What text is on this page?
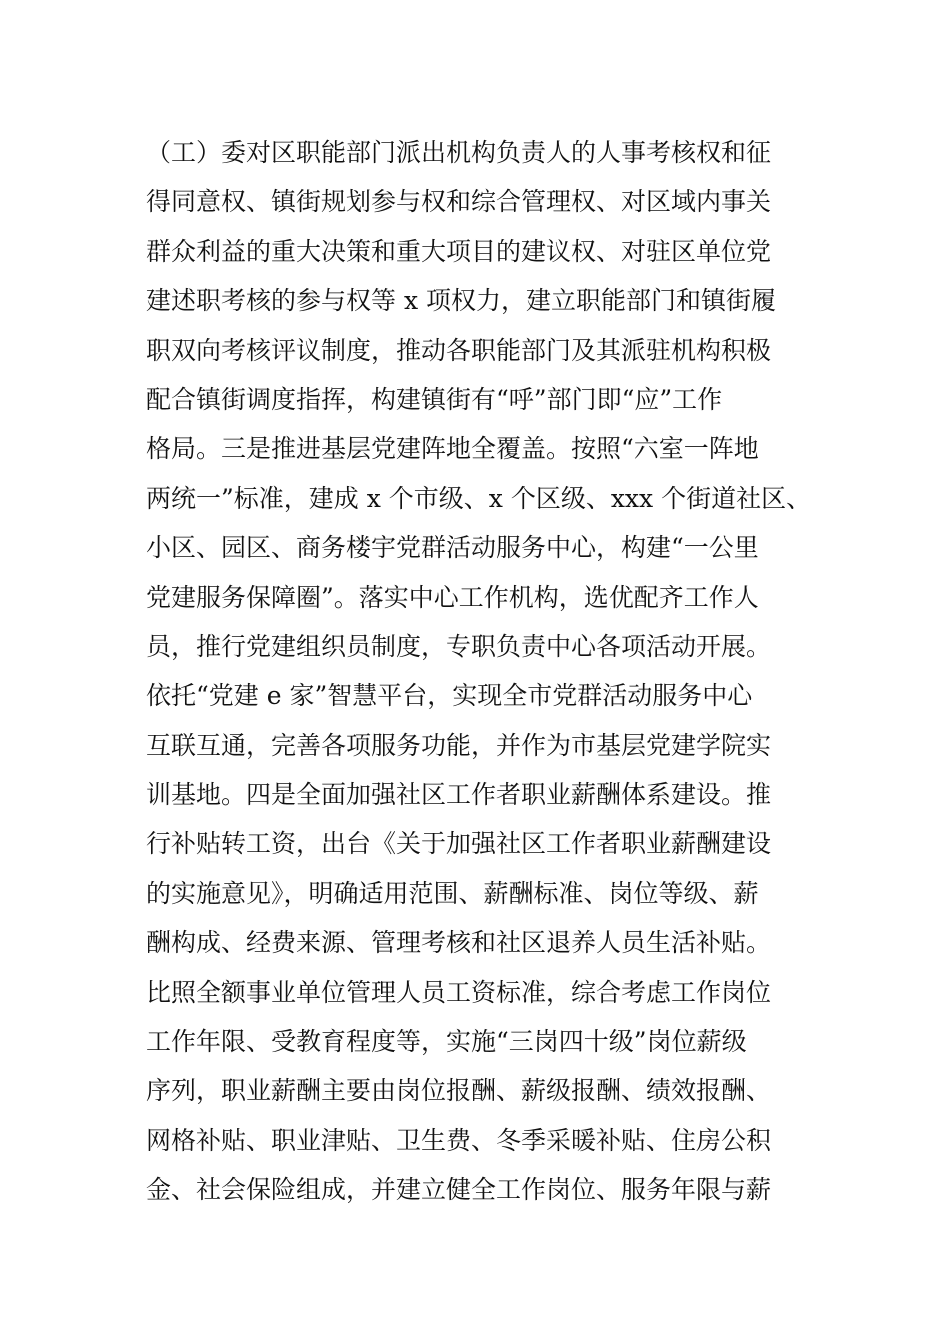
（工）委对区职能部门派出机构负责人的人事考核权和征
得同意权、镇街规划参与权和综合管理权、对区域内事关
群众利益的重大决策和重大项目的建议权、对驻区单位党
建述职考核的参与权等 x 项权力，建立职能部门和镇街履
职双向考核评议制度，推动各职能部门及其派驻机构积极
配合镇街调度指挥，构建镇街有“呼”部门即“应”工作
格局。三是推进基层党建阵地全覆盖。按照“六室一阵地
两统一”标准，建成 x 个市级、x 个区级、xxx 个街道社区、
小区、园区、商务楼宇党群活动服务中心，构建“一公里
党建服务保障圈”。落实中心工作机构，选优配齐工作人
员，推行党建组织员制度，专职负责中心各项活动开展。
依托“党建 e 家”智慧平台，实现全市党群活动服务中心
互联互通，完善各项服务功能，并作为市基层党建学院实
训基地。四是全面加强社区工作者职业薪酬体系建设。推
行补贴转工资，出台《关于加强社区工作者职业薪酬建设
的实施意见》，明确适用范围、薪酬标准、岗位等级、薪
酬构成、经费来源、管理考核和社区退养人员生活补贴。
比照全额事业单位管理人员工资标准，综合考虑工作岗位
工作年限、受教育程度等，实施“三岗四十级”岗位薪级
序列，职业薪酬主要由岗位报酬、薪级报酬、绩效报酬、
网格补贴、职业津贴、卫生费、冬季采暖补贴、住房公积
金、社会保险组成，并建立健全工作岗位、服务年限与薪
